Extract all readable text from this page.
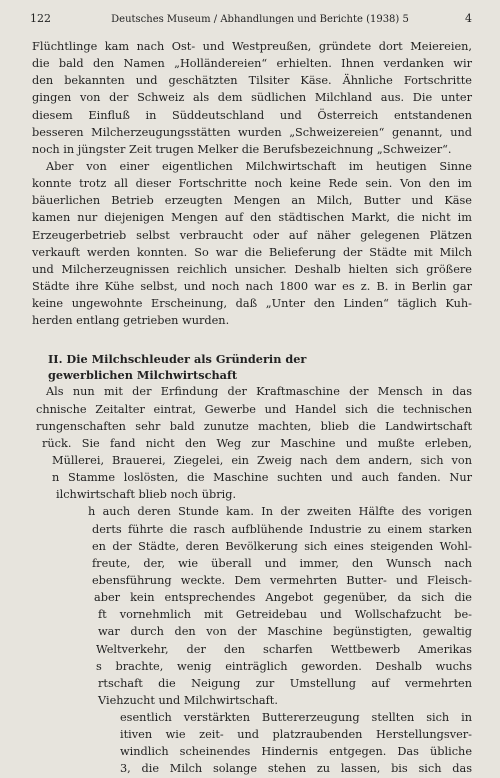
122	Deutsches Museum / Abhandlungen und Berichte (1938) 5	4
Flüchtlinge kam nach Ost- und Westpreußen, gründete dort Meiereien,
die bald den Namen „Holländereien“ erhielten. Ihnen verdanken wir
den bekannten und geschätzten Tilsiter Käse. Ähnliche Fortschritte
gingen von der Schweiz als dem südlichen Milchland aus. Die unter
diesem Einfluß in Süddeutschland und Österreich entstandenen
besseren Milcherzeugungsstätten wurden „Schweizereien“ genannt, und
noch in jüngster Zeit trugen Melker die Berufsbezeichnung „Schweizer“.
Aber von einer eigentlichen Milchwirtschaft im heutigen Sinne
konnte trotz all dieser Fortschritte noch keine Rede sein. Von den im
bäuerlichen Betrieb erzeugten Mengen an Milch, Butter und Käse
kamen nur diejenigen Mengen auf den städtischen Markt, die nicht im
Erzeugerbetrieb selbst verbraucht oder auf näher gelegenen Plätzen
verkauft werden konnten. So war die Belieferung der Städte mit Milch
und Milcherzeugnissen reichlich unsicher. Deshalb hielten sich größere
Städte ihre Kühe selbst, und noch nach 1800 war es z. B. in Berlin gar
keine ungewohnte Erscheinung, daß „Unter den Linden“ täglich Kuh-
herden entlang getrieben wurden.
II. Die Milchschleuder als Gründerin der
gewerblichen Milchwirtschaft
Als nun mit der Erfindung der Kraftmaschine der Mensch in das
chnische Zeitalter eintrat, Gewerbe und Handel sich die technischen
rungenschaften sehr bald zunutze machten, blieb die Landwirtschaft
rück. Sie fand nicht den Weg zur Maschine und mußte erleben,
Müllerei, Brauerei, Ziegelei, ein Zweig nach dem andern, sich von
n Stamme loslösten, die Maschine suchten und auch fanden. Nur
ilchwirtschaft blieb noch übrig.
h auch deren Stunde kam. In der zweiten Hälfte des vorigen
derts führte die rasch aufblühende Industrie zu einem starken
en der Städte, deren Bevölkerung sich eines steigenden Wohl-
freute, der, wie überall und immer, den Wunsch nach
ebensführung weckte. Dem vermehrten Butter- und Fleisch-
aber kein entsprechendes Angebot gegenüber, da sich die
ft vornehmlich mit Getreidebau und Wollschafzucht be-
war durch den von der Maschine begünstigten, gewaltig
Weltverkehr, der den scharfen Wettbewerb Amerikas
s brachte, wenig einträglich geworden. Deshalb wuchs
rtschaft die Neigung zur Umstellung auf vermehrten
Viehzucht und Milchwirtschaft.
esentlich verstärkten Buttererzeugung stellten sich in
itiven wie zeit- und platzraubenden Herstellungsver-
windlich scheinendes Hindernis entgegen. Das übliche
3, die Milch solange stehen zu lassen, bis sich das
